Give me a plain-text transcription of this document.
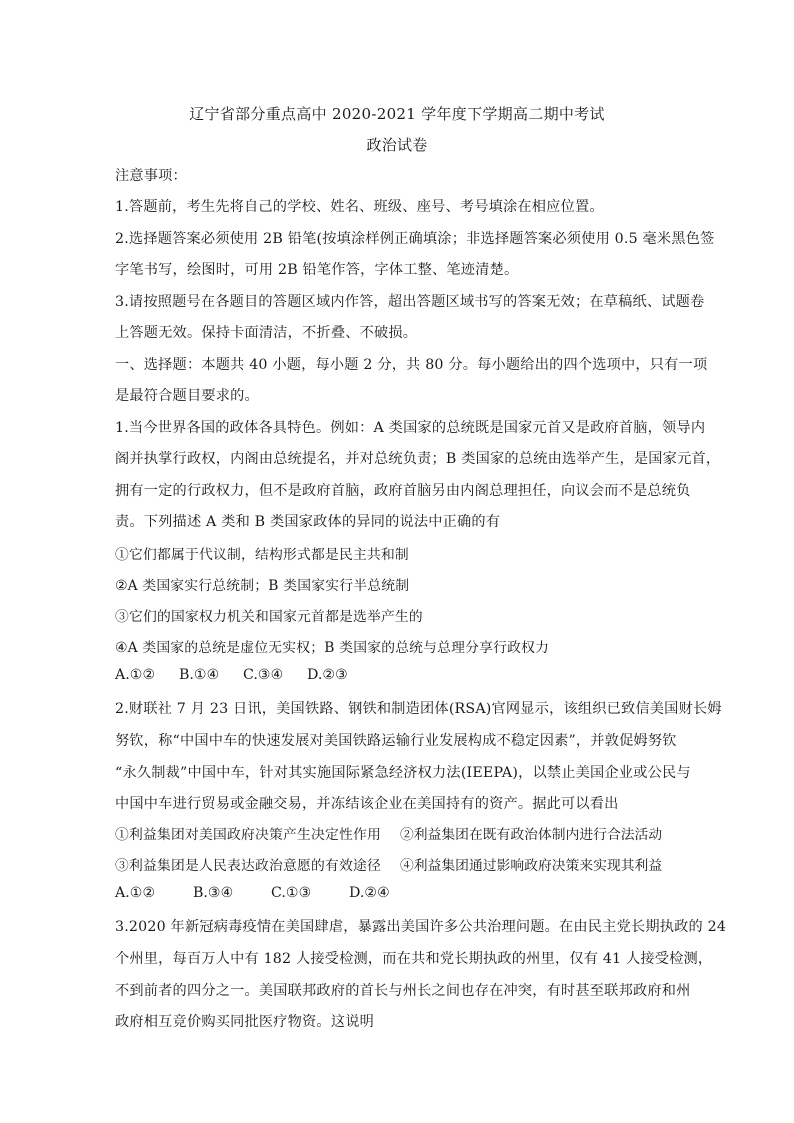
辽宁省部分重点高中 2020-2021 学年度下学期高二期中考试
政治试卷
注意事项：
1.答题前，考生先将自己的学校、姓名、班级、座号、考号填涂在相应位置。
2.选择题答案必须使用 2B 铅笔(按填涂样例正确填涂；非选择题答案必须使用 0.5 毫米黑色签
字笔书写，绘图时，可用 2B 铅笔作答，字体工整、笔迹清楚。
3.请按照题号在各题目的答题区域内作答，超出答题区域书写的答案无效；在草稿纸、试题卷
上答题无效。保持卡面清洁，不折叠、不破损。
一、选择题：本题共 40 小题，每小题 2 分，共 80 分。每小题给出的四个选项中，只有一项
是最符合题目要求的。
1.当今世界各国的政体各具特色。例如：A 类国家的总统既是国家元首又是政府首脑，领导内
阁并执掌行政权，内阁由总统提名，并对总统负责；B 类国家的总统由选举产生，是国家元首，
拥有一定的行政权力，但不是政府首脑，政府首脑另由内阁总理担任，向议会而不是总统负
责。下列描述 A 类和 B 类国家政体的异同的说法中正确的有
①它们都属于代议制，结构形式都是民主共和制
②A 类国家实行总统制；B 类国家实行半总统制
③它们的国家权力机关和国家元首都是选举产生的
④A 类国家的总统是虚位无实权；B 类国家的总统与总理分享行政权力
A.①② B.①④ C.③④ D.②③
2.财联社 7 月 23 日讯，美国铁路、钢铁和制造团体(RSA)官网显示，该组织已致信美国财长姆
努钦，称“中国中车的快速发展对美国铁路运输行业发展构成不稳定因素”，并敦促姆努钦
“永久制裁”中国中车，针对其实施国际紧急经济权力法(IEEPA)，以禁止美国企业或公民与
中国中车进行贸易或金融交易，并冻结该企业在美国持有的资产。据此可以看出
①利益集团对美国政府决策产生决定性作用	②利益集团在既有政治体制内进行合法活动
③利益集团是人民表达政治意愿的有效途径	④利益集团通过影响政府决策来实现其利益
A.①②	B.③④	C.①③	D.②④
3.2020 年新冠病毒疫情在美国肆虐，暴露出美国许多公共治理问题。在由民主党长期执政的 24
个州里，每百万人中有 182 人接受检测，而在共和党长期执政的州里，仅有 41 人接受检测，
不到前者的四分之一。美国联邦政府的首长与州长之间也存在冲突，有时甚至联邦政府和州
政府相互竞价购买同批医疗物资。这说明
